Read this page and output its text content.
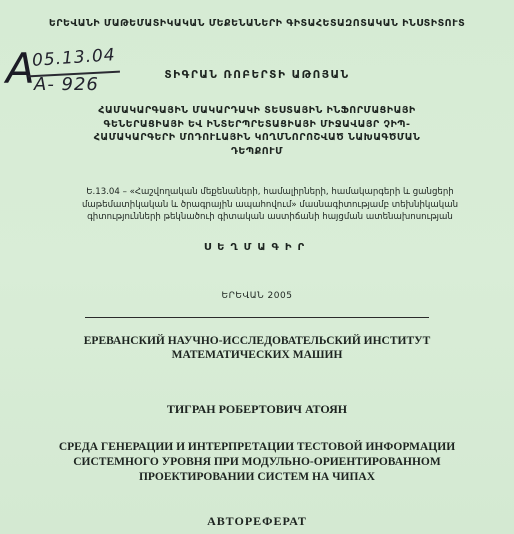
ԵՐԵՎԱՆԻ ՄԱԹԵՄԱՏԻԿԱԿԱՆ ՄԵՔԵՆԱՆԵՐԻ ԳԻՏԱՀԵՏԱԶՈՏԱԿԱՆ ԻՆՍՏԻՏՈՒՏ
А
05.13.04
А- 926	ՏԻԳՐԱՆ ՌՈԲԵՐՏԻ ԱԹՈՅԱՆ
ՀԱՄԱԿԱՐԳԱՅԻՆ ՄԱԿԱՐԴԱԿԻ ՏԵՍՏԱՅԻՆ ԻՆՖՈՐՄԱՑԻԱՅԻ
ԳԵՆԵՐԱՑԻԱՅԻ ԵՎ ԻՆՏԵՐՊՐԵՏԱՑԻԱՅԻ ՄԻՋԱՎԱՅՐ ՉԻՊ-
ՀԱՄԱԿԱՐԳԵՐԻ ՄՈԴՈՒԼԱՅԻՆ ԿՈՂՄՆՈՐՈՇՎԱԾ ՆԱԽԱԳԾՄԱՆ
ԴԵՊՔՈՒՄ
Ե.13.04 – «Հաշվողական մեքենաների, համալիրների, համակարգերի և ցանցերի
մաթեմատիկական և ծրագրային ապահովում» մասնագիտությամբ տեխնիկական
գիտությունների թեկնածուի գիտական աստիճանի հայցման ատենախոսության
ՍԵՂՄԱԳԻՐ
ԵՐԵՎԱՆ 2005
ЕРЕВАНСКИЙ НАУЧНО-ИССЛЕДОВАТЕЛЬСКИЙ ИНСТИТУТ
МАТЕМАТИЧЕСКИХ МАШИН
ТИГРАН РОБЕРТОВИЧ АТОЯН
СРЕДА ГЕНЕРАЦИИ И ИНТЕРПРЕТАЦИИ ТЕСТОВОЙ ИНФОРМАЦИИ
СИСТЕМНОГО УРОВНЯ ПРИ МОДУЛЬНО-ОРИЕНТИРОВАННОМ
ПРОЕКТИРОВАНИИ СИСТЕМ НА ЧИПАХ
АВТОРЕФЕРАТ
